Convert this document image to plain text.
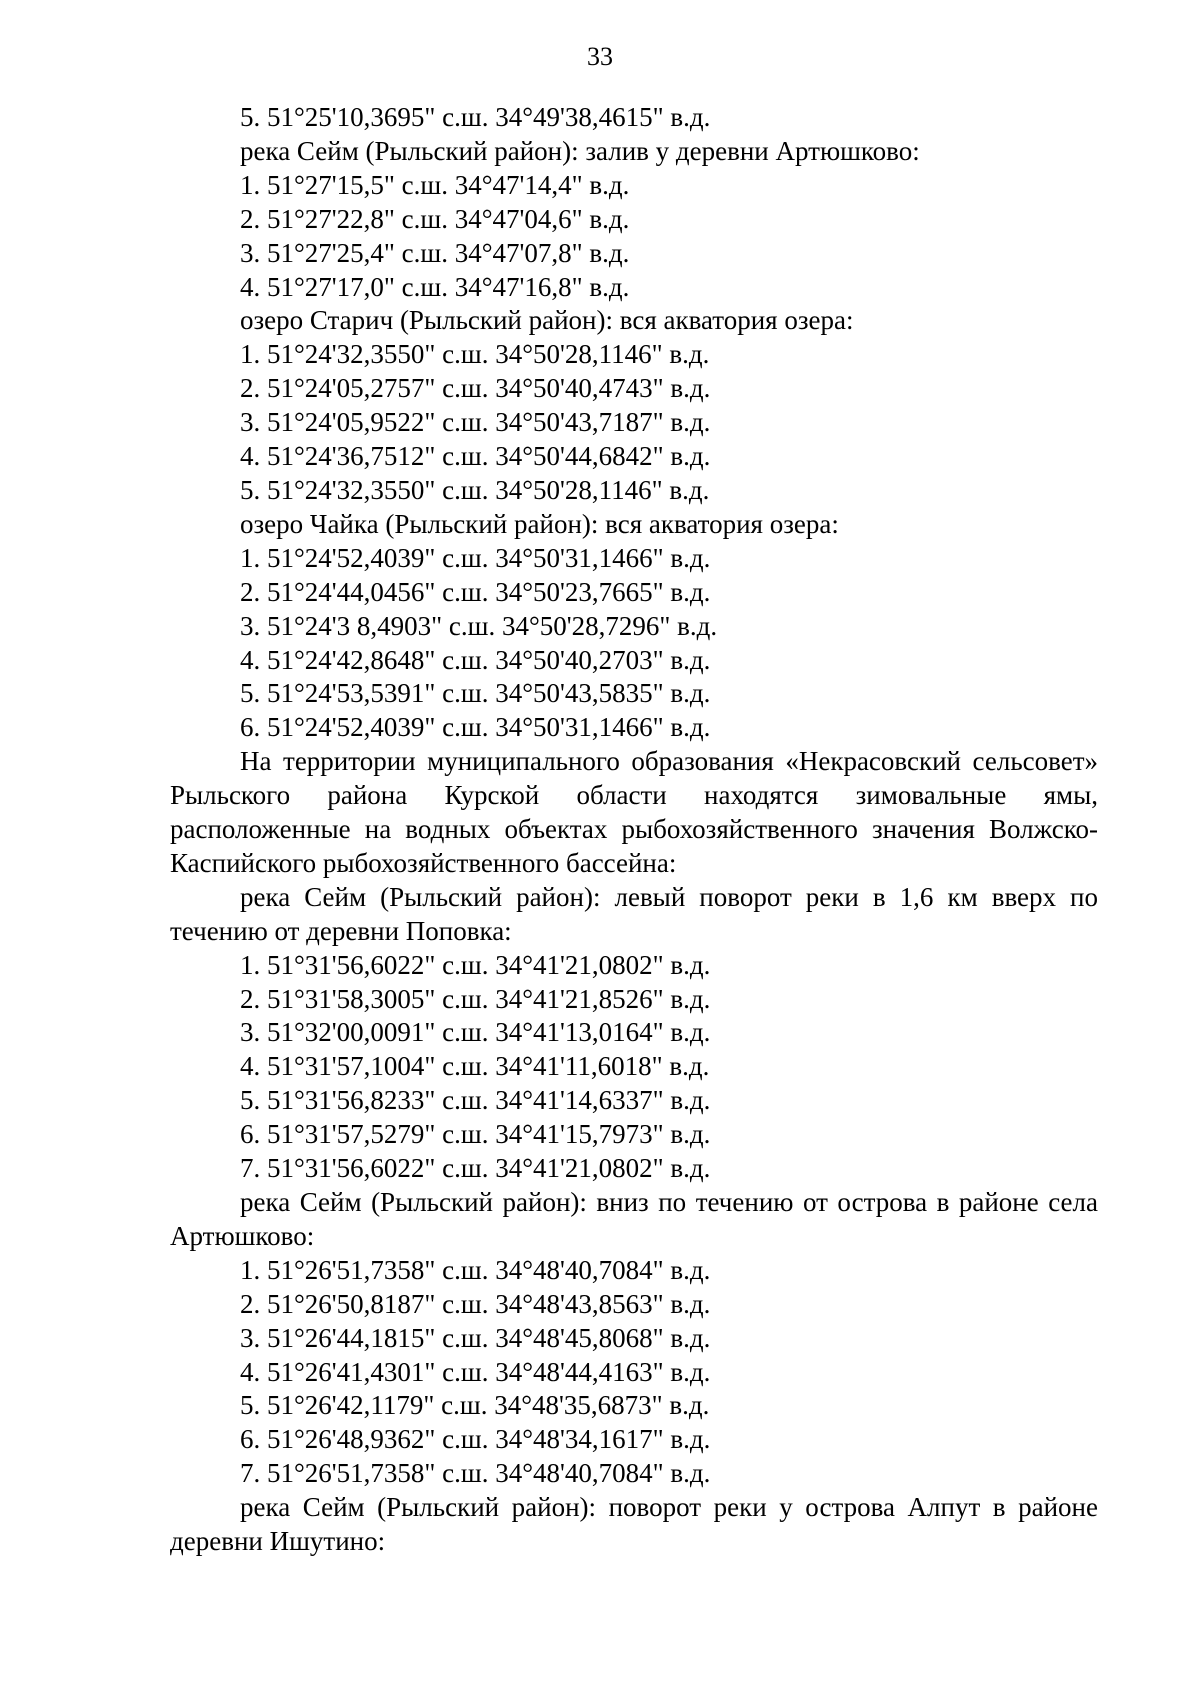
33
5. 51°25'10,3695" с.ш. 34°49'38,4615" в.д.
река Сейм (Рыльский район): залив у деревни Артюшково:
1. 51°27'15,5" с.ш. 34°47'14,4" в.д.
2. 51°27'22,8" с.ш. 34°47'04,6" в.д.
3. 51°27'25,4" с.ш. 34°47'07,8" в.д.
4. 51°27'17,0" с.ш. 34°47'16,8" в.д.
озеро Старич (Рыльский район): вся акватория озера:
1. 51°24'32,3550" с.ш. 34°50'28,1146" в.д.
2. 51°24'05,2757" с.ш. 34°50'40,4743" в.д.
3. 51°24'05,9522" с.ш. 34°50'43,7187" в.д.
4. 51°24'36,7512" с.ш. 34°50'44,6842" в.д.
5. 51°24'32,3550" с.ш. 34°50'28,1146" в.д.
озеро Чайка (Рыльский район): вся акватория озера:
1. 51°24'52,4039" с.ш. 34°50'31,1466" в.д.
2. 51°24'44,0456" с.ш. 34°50'23,7665" в.д.
3. 51°24'3 8,4903" с.ш. 34°50'28,7296" в.д.
4. 51°24'42,8648" с.ш. 34°50'40,2703" в.д.
5. 51°24'53,5391" с.ш. 34°50'43,5835" в.д.
6. 51°24'52,4039" с.ш. 34°50'31,1466" в.д.
На территории муниципального образования «Некрасовский сельсовет» Рыльского района Курской области находятся зимовальные ямы, расположенные на водных объектах рыбохозяйственного значения Волжско-Каспийского рыбохозяйственного бассейна:
река Сейм (Рыльский район): левый поворот реки в 1,6 км вверх по течению от деревни Поповка:
1. 51°31'56,6022" с.ш. 34°41'21,0802" в.д.
2. 51°31'58,3005" с.ш. 34°41'21,8526" в.д.
3. 51°32'00,0091" с.ш. 34°41'13,0164" в.д.
4. 51°31'57,1004" с.ш. 34°41'11,6018" в.д.
5. 51°31'56,8233" с.ш. 34°41'14,6337" в.д.
6. 51°31'57,5279" с.ш. 34°41'15,7973" в.д.
7. 51°31'56,6022" с.ш. 34°41'21,0802" в.д.
река Сейм (Рыльский район): вниз по течению от острова в районе села Артюшково:
1. 51°26'51,7358" с.ш. 34°48'40,7084" в.д.
2. 51°26'50,8187" с.ш. 34°48'43,8563" в.д.
3. 51°26'44,1815" с.ш. 34°48'45,8068" в.д.
4. 51°26'41,4301" с.ш. 34°48'44,4163" в.д.
5. 51°26'42,1179" с.ш. 34°48'35,6873" в.д.
6. 51°26'48,9362" с.ш. 34°48'34,1617" в.д.
7. 51°26'51,7358" с.ш. 34°48'40,7084" в.д.
река Сейм (Рыльский район): поворот реки у острова Алпут в районе деревни Ишутино:
